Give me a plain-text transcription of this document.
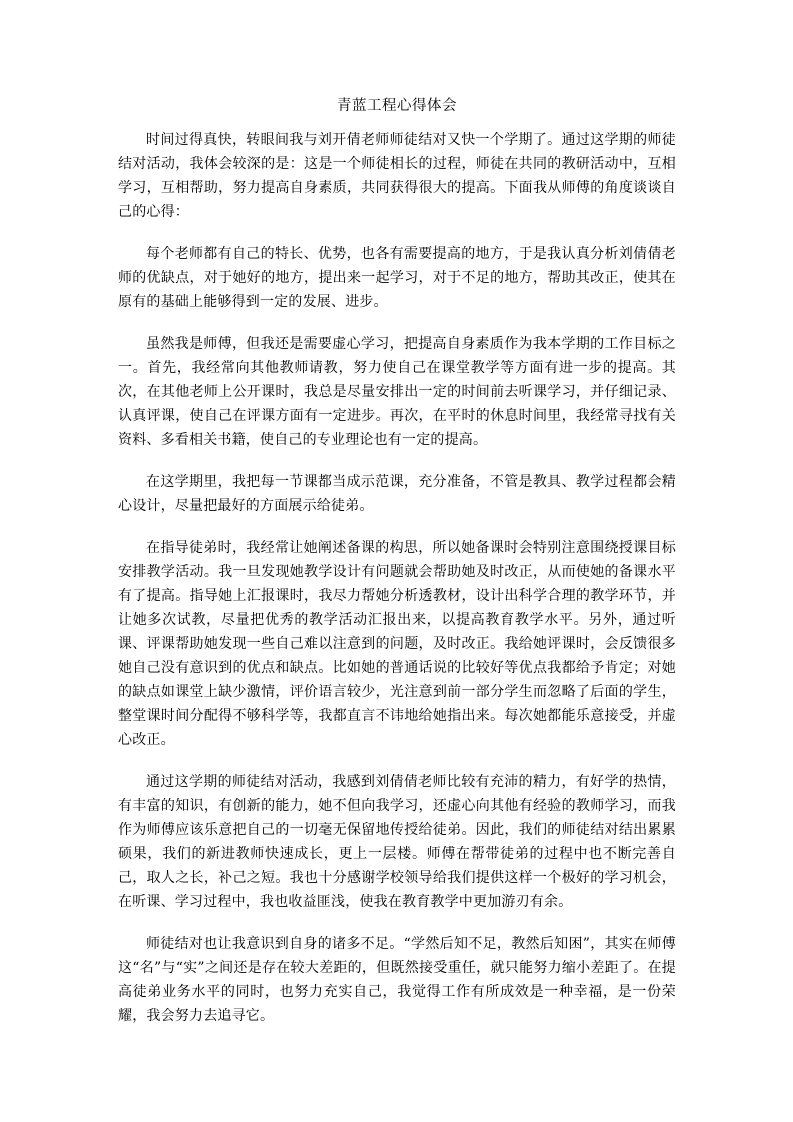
青蓝工程心得体会

时间过得真快，转眼间我与刘开倩老师师徒结对又快一个学期了。通过这学期的师徒结对活动，我体会较深的是：这是一个师徒相长的过程，师徒在共同的教研活动中，互相学习，互相帮助，努力提高自身素质，共同获得很大的提高。下面我从师傅的角度谈谈自己的心得：

每个老师都有自己的特长、优势，也各有需要提高的地方，于是我认真分析刘倩倩老师的优缺点，对于她好的地方，提出来一起学习，对于不足的地方，帮助其改正，使其在原有的基础上能够得到一定的发展、进步。

虽然我是师傅，但我还是需要虚心学习，把提高自身素质作为我本学期的工作目标之一。首先，我经常向其他教师请教，努力使自己在课堂教学等方面有进一步的提高。其次，在其他老师上公开课时，我总是尽量安排出一定的时间前去听课学习，并仔细记录、认真评课，使自己在评课方面有一定进步。再次，在平时的休息时间里，我经常寻找有关资料、多看相关书籍，使自己的专业理论也有一定的提高。

在这学期里，我把每一节课都当成示范课，充分准备，不管是教具、教学过程都会精心设计，尽量把最好的方面展示给徒弟。

在指导徒弟时，我经常让她阐述备课的构思，所以她备课时会特别注意围绕授课目标安排教学活动。我一旦发现她教学设计有问题就会帮助她及时改正，从而使她的备课水平有了提高。指导她上汇报课时，我尽力帮她分析透教材，设计出科学合理的教学环节，并让她多次试教，尽量把优秀的教学活动汇报出来，以提高教育教学水平。另外，通过听课、评课帮助她发现一些自己难以注意到的问题，及时改正。我给她评课时，会反馈很多她自己没有意识到的优点和缺点。比如她的普通话说的比较好等优点我都给予肯定；对她的缺点如课堂上缺少激情，评价语言较少，光注意到前一部分学生而忽略了后面的学生，整堂课时间分配得不够科学等，我都直言不讳地给她指出来。每次她都能乐意接受，并虚心改正。

通过这学期的师徒结对活动，我感到刘倩倩老师比较有充沛的精力，有好学的热情，有丰富的知识，有创新的能力，她不但向我学习，还虚心向其他有经验的教师学习，而我作为师傅应该乐意把自己的一切毫无保留地传授给徒弟。因此，我们的师徒结对结出累累硕果，我们的新进教师快速成长，更上一层楼。师傅在帮带徒弟的过程中也不断完善自己，取人之长，补己之短。我也十分感谢学校领导给我们提供这样一个极好的学习机会，在听课、学习过程中，我也收益匪浅，使我在教育教学中更加游刃有余。

师徒结对也让我意识到自身的诸多不足。“学然后知不足，教然后知困”，其实在师傅这“名”与“实”之间还是存在较大差距的，但既然接受重任，就只能努力缩小差距了。在提高徒弟业务水平的同时，也努力充实自己，我觉得工作有所成效是一种幸福，是一份荣耀，我会努力去追寻它。
